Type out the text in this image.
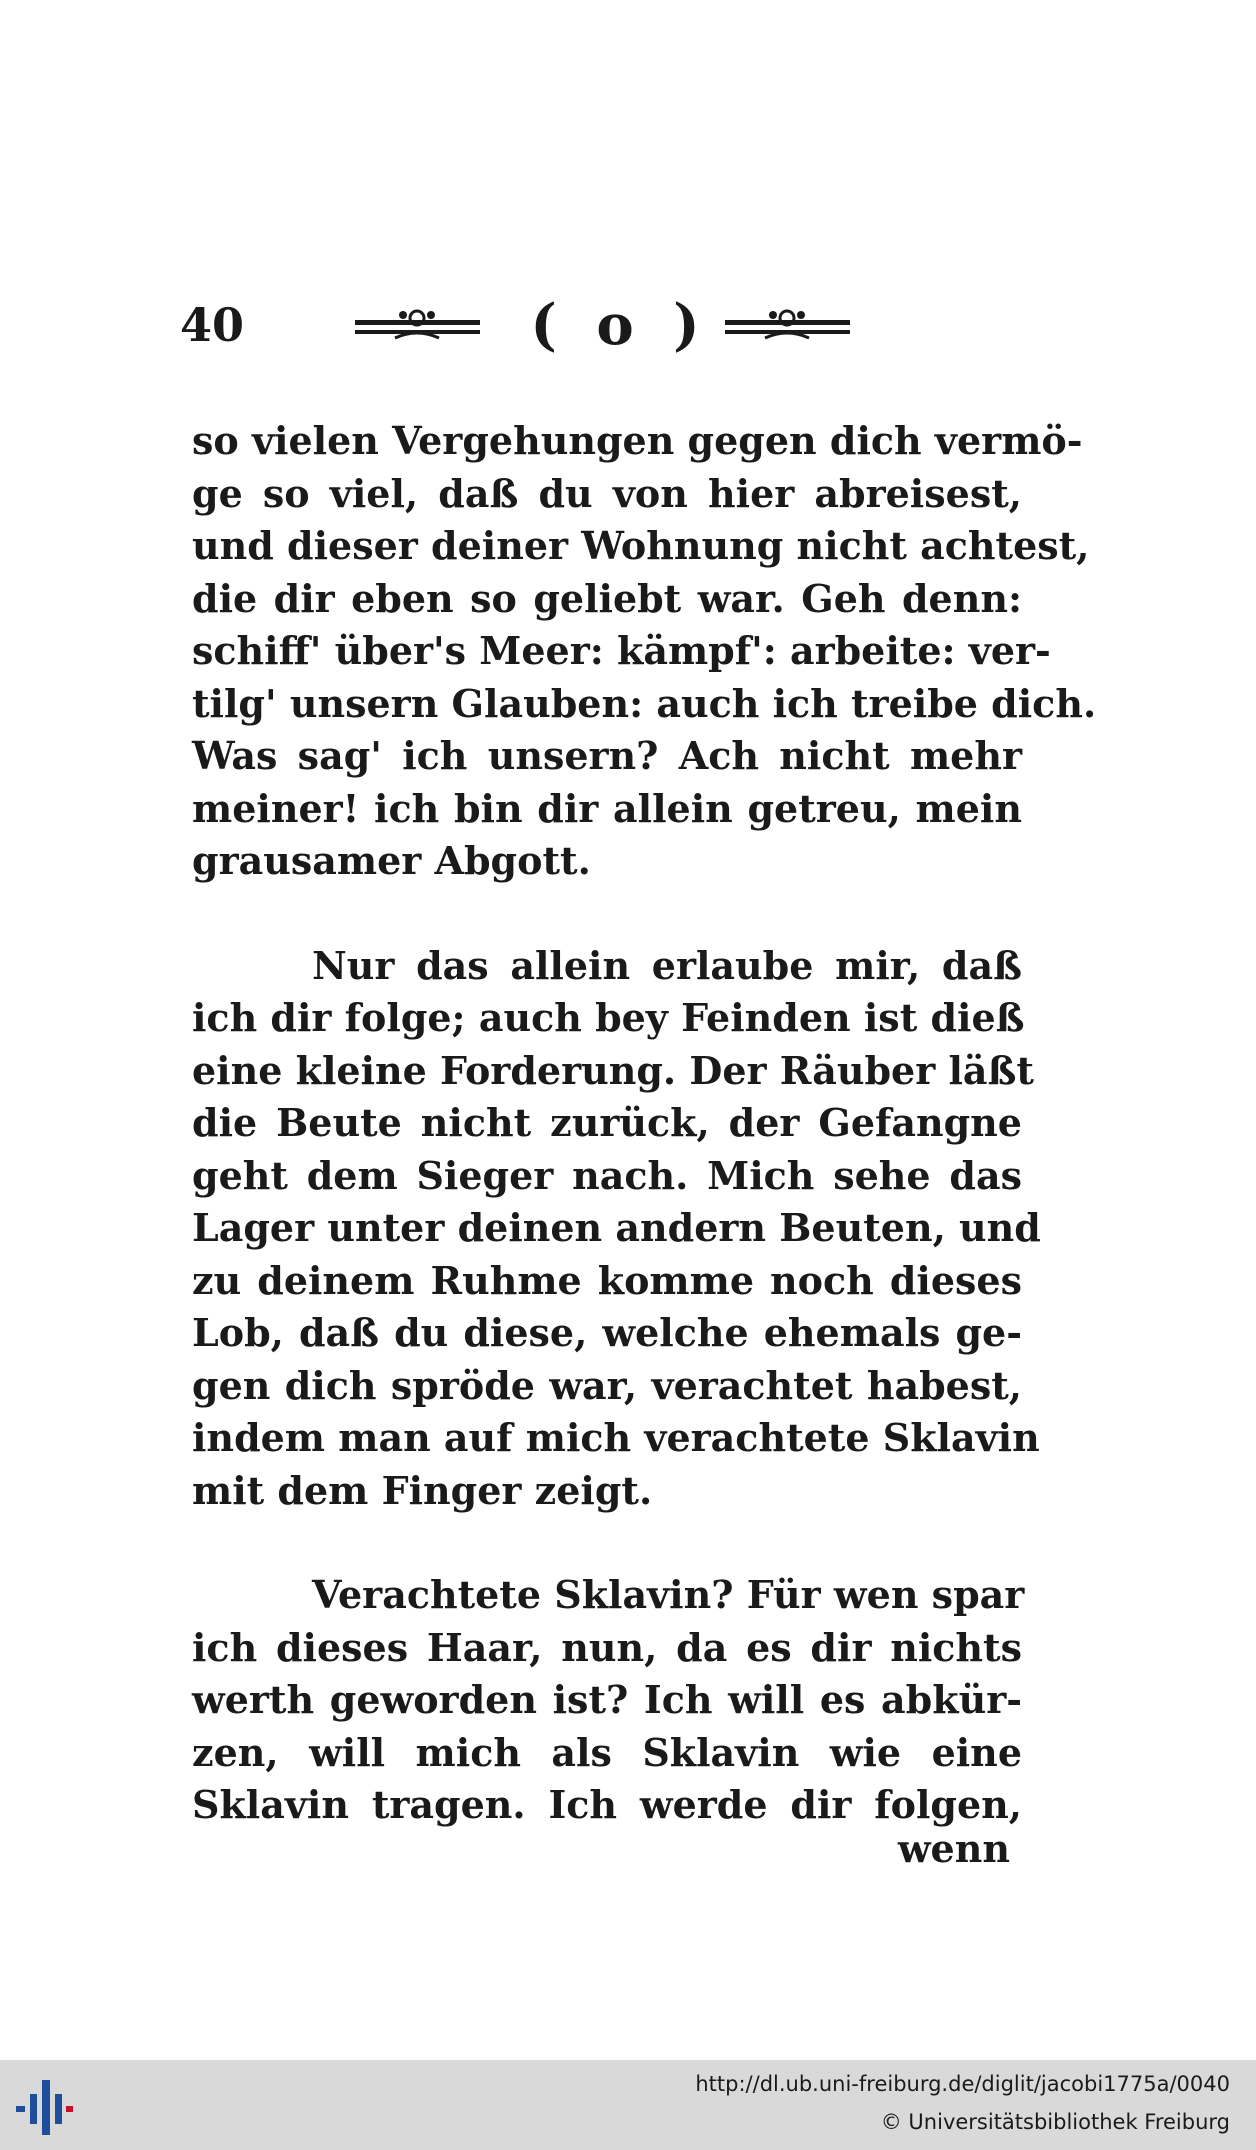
40	( o )

so vielen Vergehungen gegen dich vermö-

ge so viel, daß du von hier abreisest,

und dieser deiner Wohnung nicht achtest,

die dir eben so geliebt war. Geh denn:

schiff' über's Meer: kämpf': arbeite: ver-

tilg' unsern Glauben: auch ich treibe dich.

Was sag' ich unsern? Ach nicht mehr

meiner! ich bin dir allein getreu, mein

grausamer Abgott.

Nur das allein erlaube mir, daß

ich dir folge; auch bey Feinden ist dieß

eine kleine Forderung. Der Räuber läßt

die Beute nicht zurück, der Gefangne

geht dem Sieger nach. Mich sehe das

Lager unter deinen andern Beuten, und

zu deinem Ruhme komme noch dieses

Lob, daß du diese, welche ehemals ge-

gen dich spröde war, verachtet habest,

indem man auf mich verachtete Sklavin

mit dem Finger zeigt.

Verachtete Sklavin? Für wen spar

ich dieses Haar, nun, da es dir nichts

werth geworden ist? Ich will es abkür-

zen, will mich als Sklavin wie eine

Sklavin tragen. Ich werde dir folgen,

wenn
http://dl.ub.uni-freiburg.de/diglit/jacobi1775a/0040
© Universitätsbibliothek Freiburg
